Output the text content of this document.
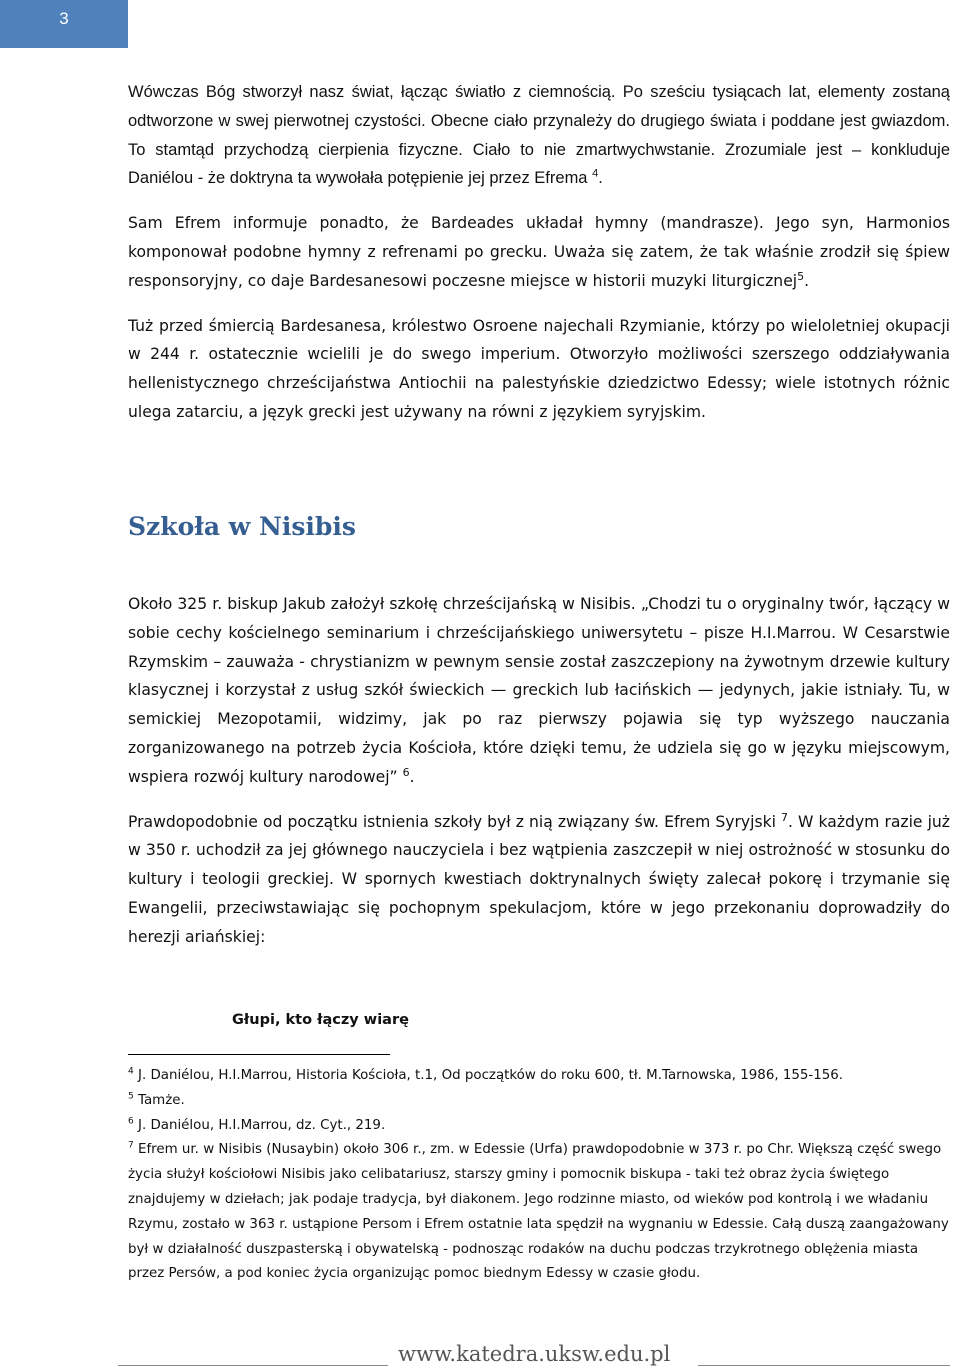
3

Wówczas Bóg stworzył nasz świat, łącząc światło z ciemnością. Po sześciu tysiącach lat, elementy zostaną odtworzone w swej pierwotnej czystości. Obecne ciało przynależy do drugiego świata i poddane jest gwiazdom. To stamtąd przychodzą cierpienia fizyczne. Ciało to nie zmartwychwstanie. Zrozumiale jest – konkluduje Daniélou - że doktryna ta wywołała potępienie jej przez Efrema $^4$.

Sam Efrem informuje ponadto, że Bardeades układał hymny (mandrasze). Jego syn, Harmonios komponował podobne hymny z refrenami po grecku. Uważa się zatem, że tak właśnie zrodził się śpiew responsoryjny, co daje Bardesanesowi poczesne miejsce w historii muzyki liturgicznej$^5$.

Tuż przed śmiercią Bardesanesa, królestwo Osroene najechali Rzymianie, którzy po wieloletniej okupacji w 244 r. ostatecznie wcielili je do swego imperium. Otworzyło możliwości szerszego oddziaływania hellenistycznego chrześcijaństwa Antiochii na palestyńskie dziedzictwo Edessy; wiele istotnych różnic ulega zatarciu, a język grecki jest używany na równi z językiem syryjskim.

Szkoła w Nisibis

Około 325 r. biskup Jakub założył szkołę chrześcijańską w Nisibis. „Chodzi tu o oryginalny twór, łączący w sobie cechy kościelnego seminarium i chrześcijańskiego uniwersytetu – pisze H.I.Marrou. W Cesarstwie Rzymskim – zauważa - chrystianizm w pewnym sensie został zaszczepiony na żywotnym drzewie kultury klasycznej i korzystał z usług szkół świeckich — greckich lub łacińskich — jedynych, jakie istniały. Tu, w semickiej Mezopotamii, widzimy, jak po raz pierwszy pojawia się typ wyższego nauczania zorganizowanego na potrzeb życia Kościoła, które dzięki temu, że udziela się go w języku miejscowym, wspiera rozwój kultury narodowej” $^6$.

Prawdopodobnie od początku istnienia szkoły był z nią związany św. Efrem Syryjski $^7$. W każdym razie już w 350 r. uchodził za jej głównego nauczyciela i bez wątpienia zaszczepił w niej ostrożność w stosunku do kultury i teologii greckiej. W spornych kwestiach doktrynalnych święty zalecał pokorę i trzymanie się Ewangelii, przeciwstawiając się pochopnym spekulacjom, które w jego przekonaniu doprowadziły do herezji ariańskiej:

Głupi, kto łączy wiarę

$^4$ J. Daniélou, H.I.Marrou, Historia Kościoła, t.1, Od początków do roku 600, tł. M.Tarnowska, 1986, 155-156.

$^5$ Tamże.

$^6$ J. Daniélou, H.I.Marrou, dz. Cyt., 219.

$^7$ Efrem ur. w Nisibis (Nusaybin) około 306 r., zm. w Edessie (Urfa) prawdopodobnie w 373 r. po Chr. Większą część swego życia służył kościołowi Nisibis jako celibatariusz, starszy gminy i pomocnik biskupa - taki też obraz życia świętego znajdujemy w dziełach; jak podaje tradycja, był diakonem. Jego rodzinne miasto, od wieków pod kontrolą i we władaniu Rzymu, zostało w 363 r. ustąpione Persom i Efrem ostatnie lata spędził na wygnaniu w Edessie. Całą duszą zaangażowany był w działalność duszpasterską i obywatelską - podnosząc rodaków na duchu podczas trzykrotnego oblężenia miasta przez Persów, a pod koniec życia organizując pomoc biednym Edessy w czasie głodu.

www.katedra.uksw.edu.pl
